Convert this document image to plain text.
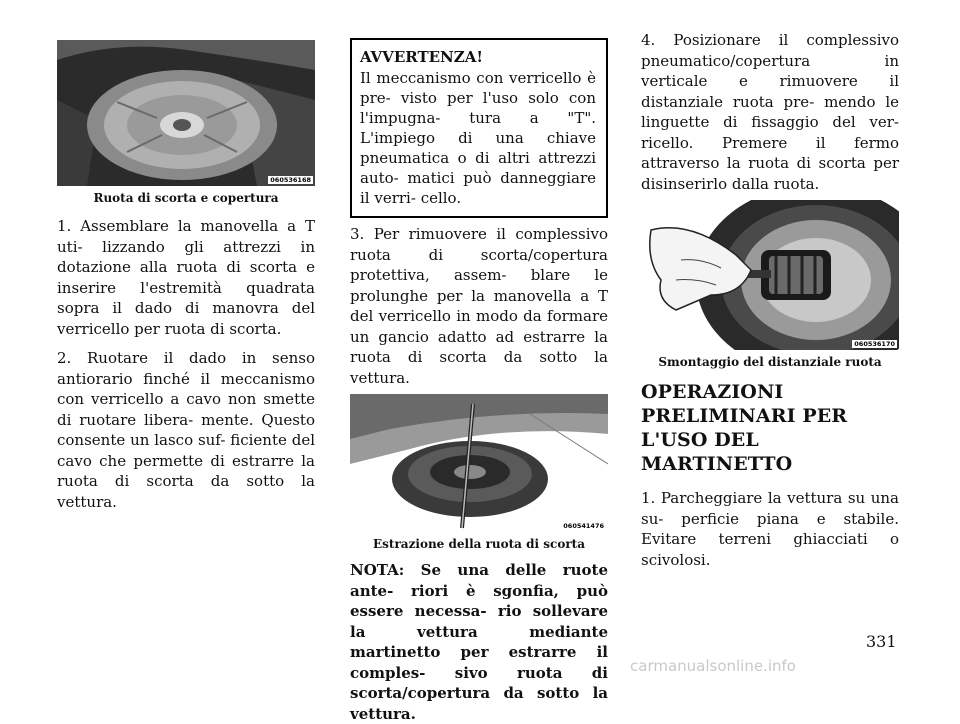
060536168
Ruota di scorta e copertura

1. Assemblare la manovella a T uti- lizzando gli attrezzi in dotazione alla ruota di scorta e inserire l'estremità quadrata sopra il dado di manovra del verricello per ruota di scorta.

2. Ruotare il dado in senso antiorario finché il meccanismo con verricello a cavo non smette di ruotare libera- mente. Questo consente un lasco suf- ficiente del cavo che permette di estrarre la ruota di scorta da sotto la vettura.

AVVERTENZA!

Il meccanismo con verricello è pre- visto per l'uso solo con l'impugna- tura a "T". L'impiego di una chiave pneumatica o di altri attrezzi auto- matici può danneggiare il verri- cello.

3. Per rimuovere il complessivo ruota di scorta/copertura protettiva, assem- blare le prolunghe per la manovella a T del verricello in modo da formare un gancio adatto ad estrarre la ruota di scorta da sotto la vettura.

060541476
Estrazione della ruota di scorta

NOTA: Se una delle ruote ante- riori è sgonfia, può essere necessa- rio sollevare la vettura mediante martinetto per estrarre il comples- sivo ruota di scorta/copertura da sotto la vettura.

4. Posizionare il complessivo pneumatico/copertura in verticale e rimuovere il distanziale ruota pre- mendo le linguette di fissaggio del ver- ricello. Premere il fermo attraverso la ruota di scorta per disinserirlo dalla ruota.

060536170
Smontaggio del distanziale ruota
OPERAZIONI PRELIMINARI PER L'USO DEL MARTINETTO

1. Parcheggiare la vettura su una su- perficie piana e stabile. Evitare terreni ghiacciati o scivolosi.

331
carmanualsonline.info
